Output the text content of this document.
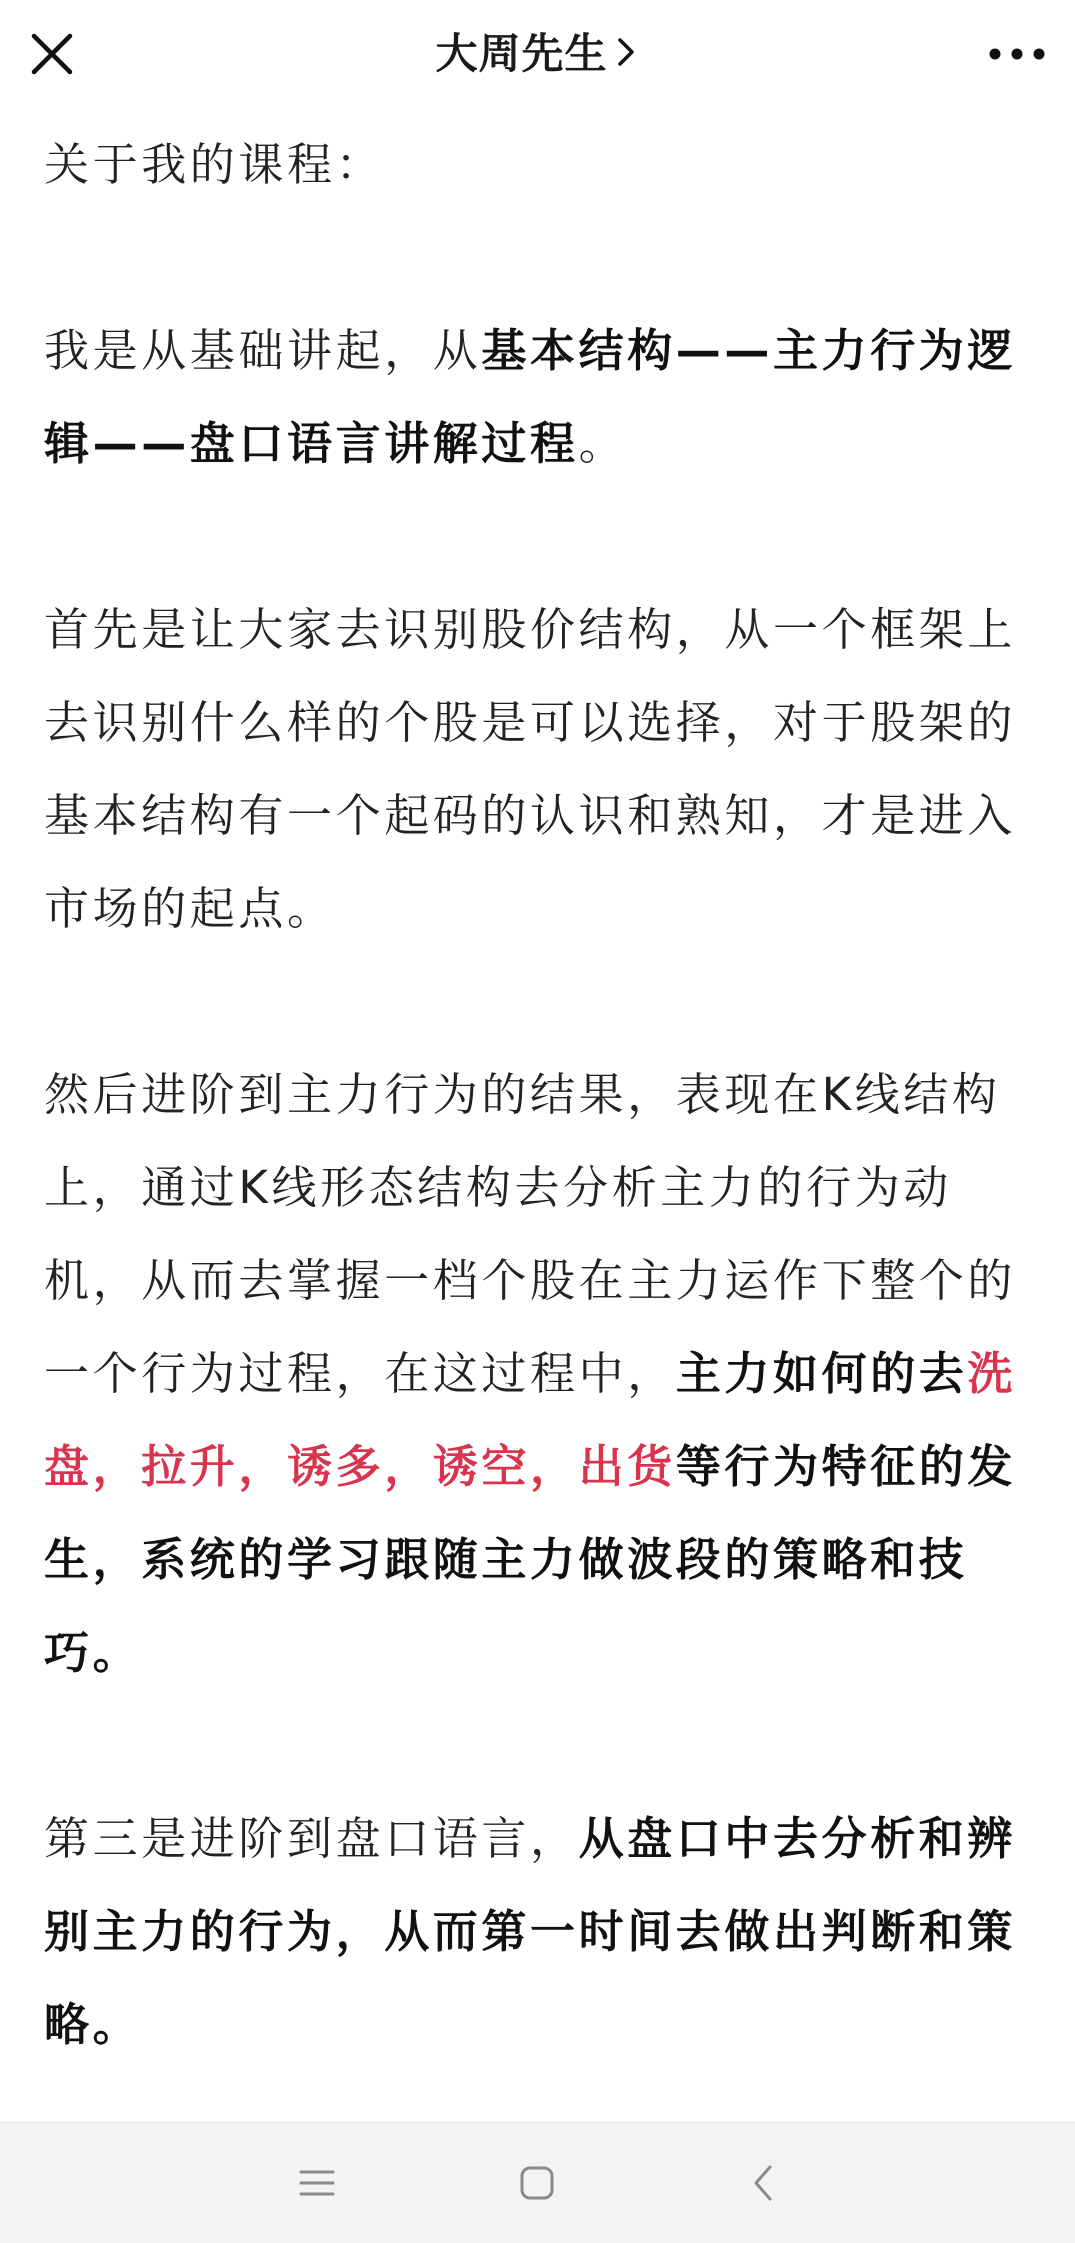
大周先生

关于我的课程：

我是从基础讲起，从基本结构——主力行为逻辑——盘口语言讲解过程。

首先是让大家去识别股价结构，从一个框架上去识别什么样的个股是可以选择，对于股架的基本结构有一个起码的认识和熟知，才是进入市场的起点。

然后进阶到主力行为的结果，表现在K线结构上，通过K线形态结构去分析主力的行为动机，从而去掌握一档个股在主力运作下整个的一个行为过程，在这过程中，主力如何的去洗盘，拉升，诱多，诱空，出货等行为特征的发生，系统的学习跟随主力做波段的策略和技巧。

第三是进阶到盘口语言，从盘口中去分析和辨别主力的行为，从而第一时间去做出判断和策略。
